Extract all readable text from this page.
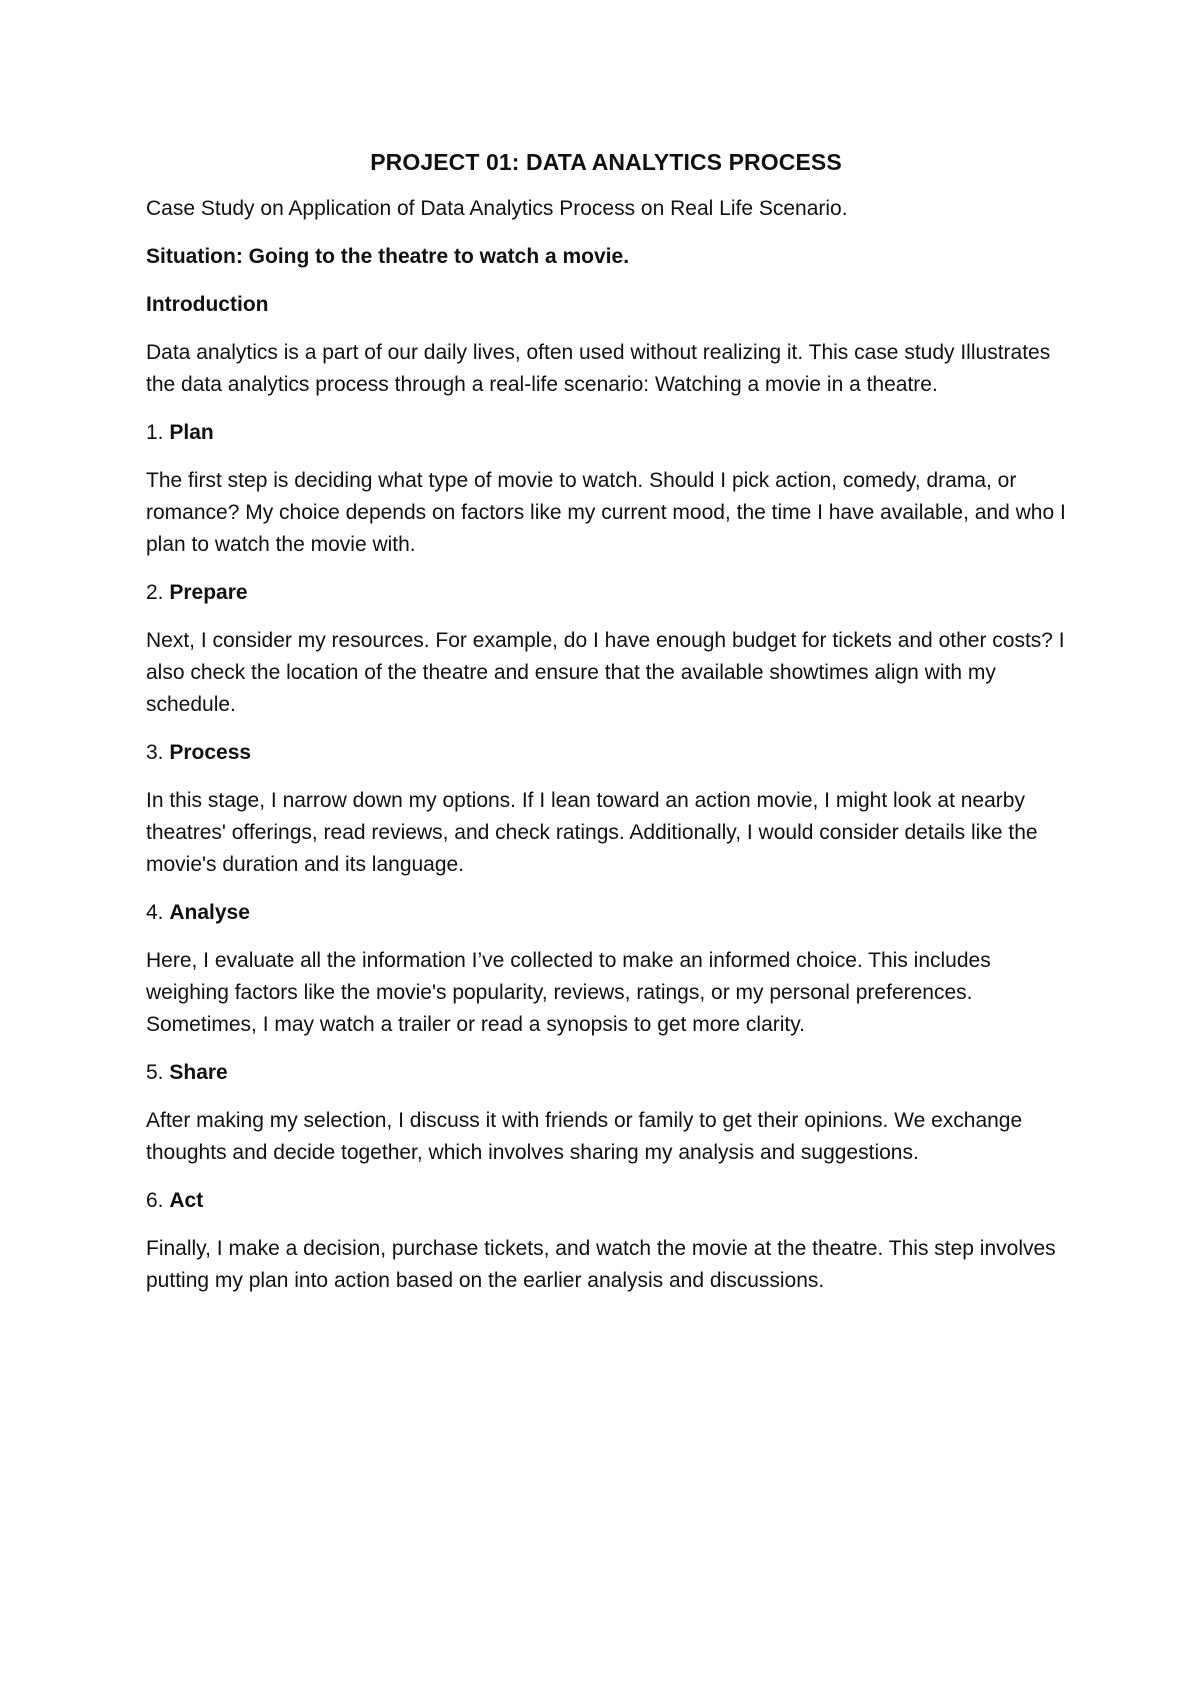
PROJECT 01: DATA ANALYTICS PROCESS
Case Study on Application of Data Analytics Process on Real Life Scenario.
Situation: Going to the theatre to watch a movie.
Introduction
Data analytics is a part of our daily lives, often used without realizing it. This case study Illustrates the data analytics process through a real-life scenario: Watching a movie in a theatre.
1. Plan
The first step is deciding what type of movie to watch. Should I pick action, comedy, drama, or romance? My choice depends on factors like my current mood, the time I have available, and who I plan to watch the movie with.
2. Prepare
Next, I consider my resources. For example, do I have enough budget for tickets and other costs? I also check the location of the theatre and ensure that the available showtimes align with my schedule.
3. Process
In this stage, I narrow down my options. If I lean toward an action movie, I might look at nearby theatres' offerings, read reviews, and check ratings. Additionally, I would consider details like the movie's duration and its language.
4. Analyse
Here, I evaluate all the information I’ve collected to make an informed choice. This includes weighing factors like the movie's popularity, reviews, ratings, or my personal preferences. Sometimes, I may watch a trailer or read a synopsis to get more clarity.
5. Share
After making my selection, I discuss it with friends or family to get their opinions. We exchange thoughts and decide together, which involves sharing my analysis and suggestions.
6. Act
Finally, I make a decision, purchase tickets, and watch the movie at the theatre. This step involves putting my plan into action based on the earlier analysis and discussions.
